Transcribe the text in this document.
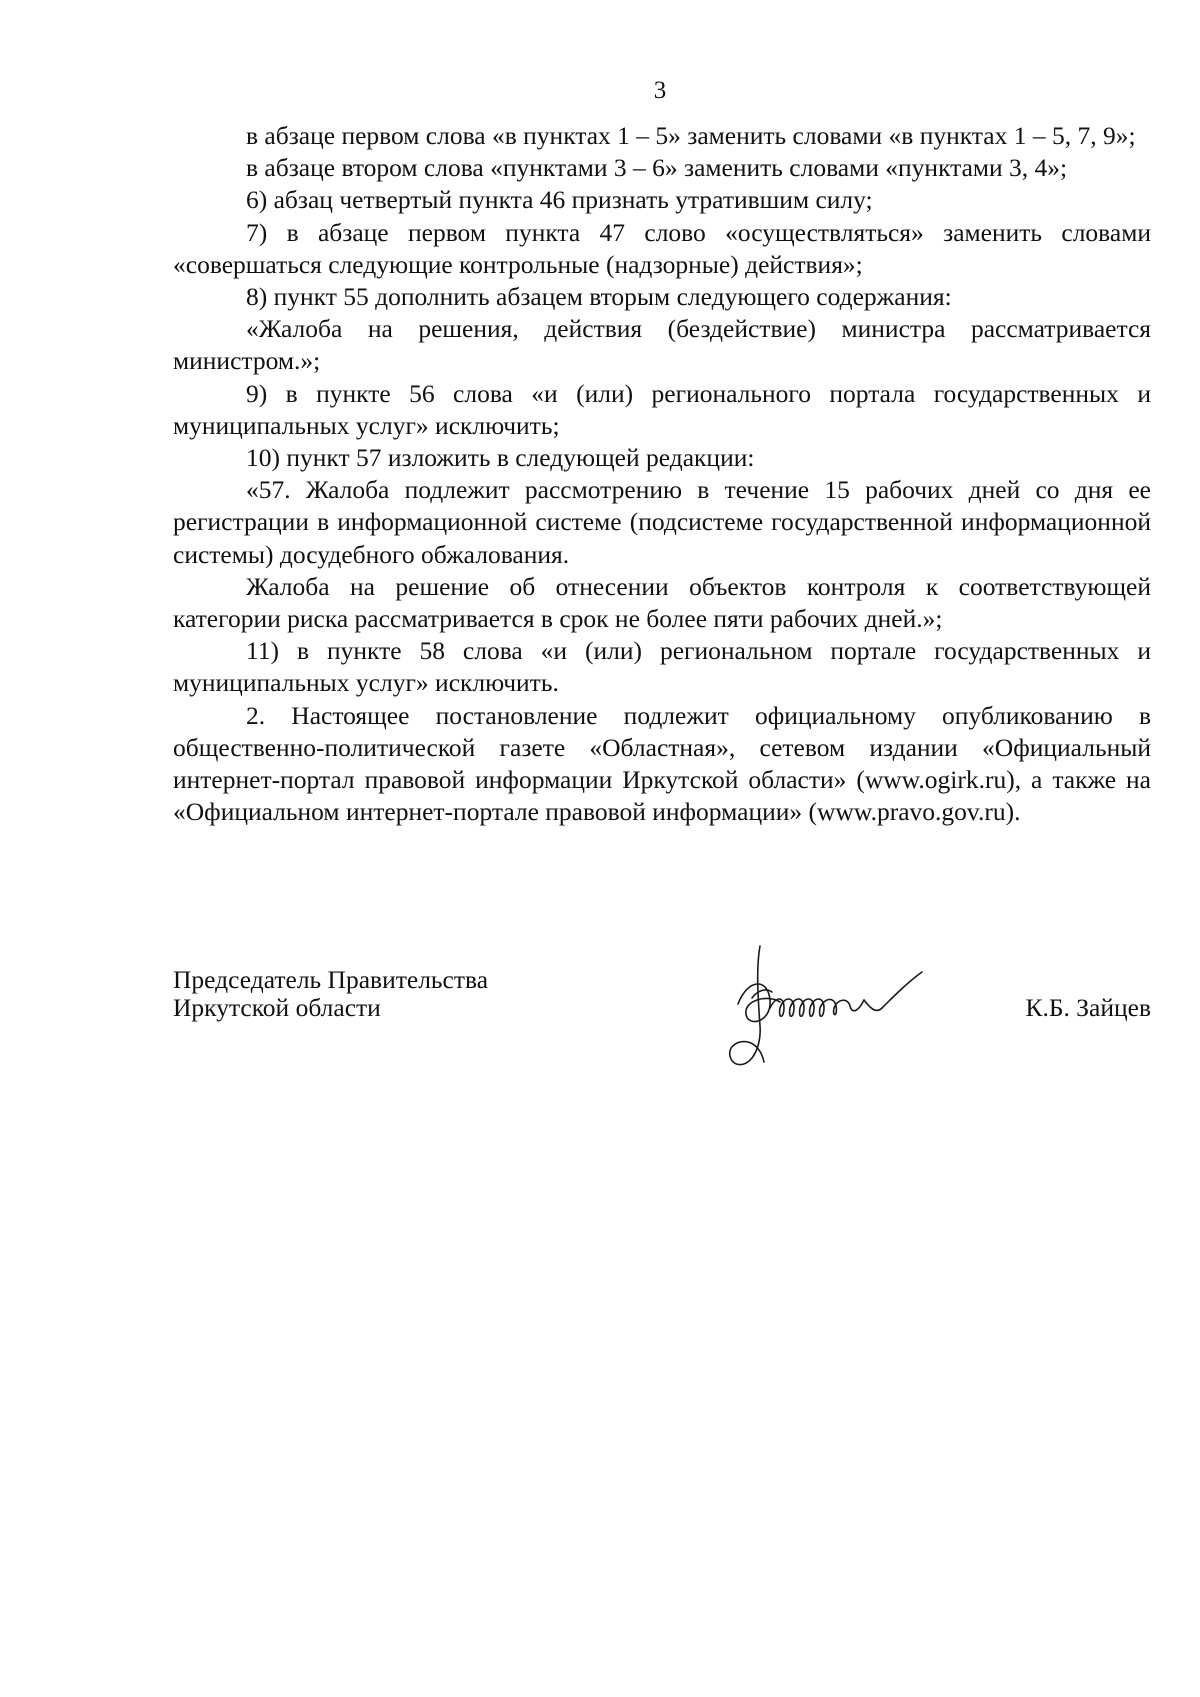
3

в абзаце первом слова «в пунктах 1 – 5» заменить словами «в пунктах 1 – 5, 7, 9»;

в абзаце втором слова «пунктами 3 – 6» заменить словами «пунктами 3, 4»;

6) абзац четвертый пункта 46 признать утратившим силу;

7) в абзаце первом пункта 47 слово «осуществляться» заменить словами «совершаться следующие контрольные (надзорные) действия»;

8) пункт 55 дополнить абзацем вторым следующего содержания:

«Жалоба на решения, действия (бездействие) министра рассматривается министром.»;

9) в пункте 56 слова «и (или) регионального портала государственных и муниципальных услуг» исключить;

10) пункт 57 изложить в следующей редакции:

«57. Жалоба подлежит рассмотрению в течение 15 рабочих дней со дня ее регистрации в информационной системе (подсистеме государственной информационной системы) досудебного обжалования.

Жалоба на решение об отнесении объектов контроля к соответствующей категории риска рассматривается в срок не более пяти рабочих дней.»;

11) в пункте 58 слова «и (или) региональном портале государственных и муниципальных услуг» исключить.

2. Настоящее постановление подлежит официальному опубликованию в общественно-политической газете «Областная», сетевом издании «Официальный интернет-портал правовой информации Иркутской области» (www.ogirk.ru), а также на «Официальном интернет-портале правовой информации» (www.pravo.gov.ru).

Председатель Правительства
Иркутской области	К.Б. Зайцев
